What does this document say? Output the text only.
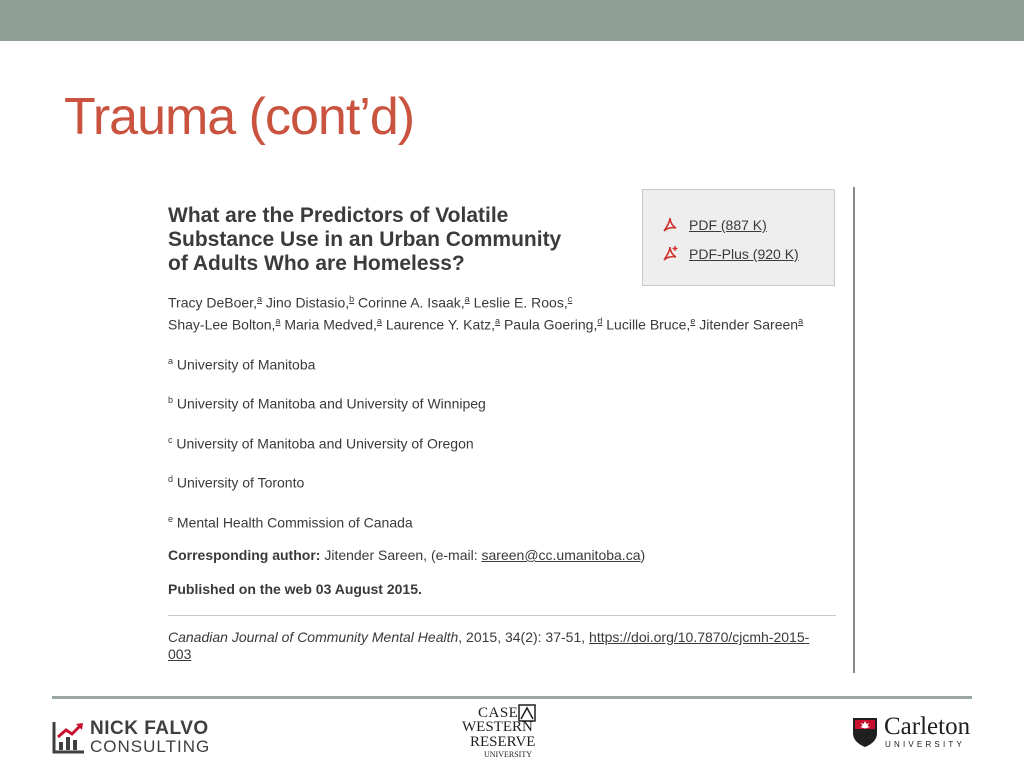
Trauma (cont’d)
What are the Predictors of Volatile
Substance Use in an Urban Community
of Adults Who are Homeless?
PDF (887 K)
PDF-Plus (920 K)
Tracy DeBoer,$^a$ Jino Distasio,$^b$ Corinne A. Isaak,$^a$ Leslie E. Roos,$^c$
Shay-Lee Bolton,$^a$ Maria Medved,$^a$ Laurence Y. Katz,$^a$ Paula Goering,$^d$ Lucille Bruce,$^e$ Jitender Sareen$^a$
$^a$ University of Manitoba
$^b$ University of Manitoba and University of Winnipeg
$^c$ University of Manitoba and University of Oregon
$^d$ University of Toronto
$^e$ Mental Health Commission of Canada
Corresponding author: Jitender Sareen, (e-mail: sareen@cc.umanitoba.ca)
Published on the web 03 August 2015.
Canadian Journal of Community Mental Health, 2015, 34(2): 37-51, https://doi.org/10.7870/cjcmh-2015-
003
NICK FALVO
CONSULTING
CASE
WESTERN
RESERVE
UNIVERSITY
Carleton
UNIVERSITY
